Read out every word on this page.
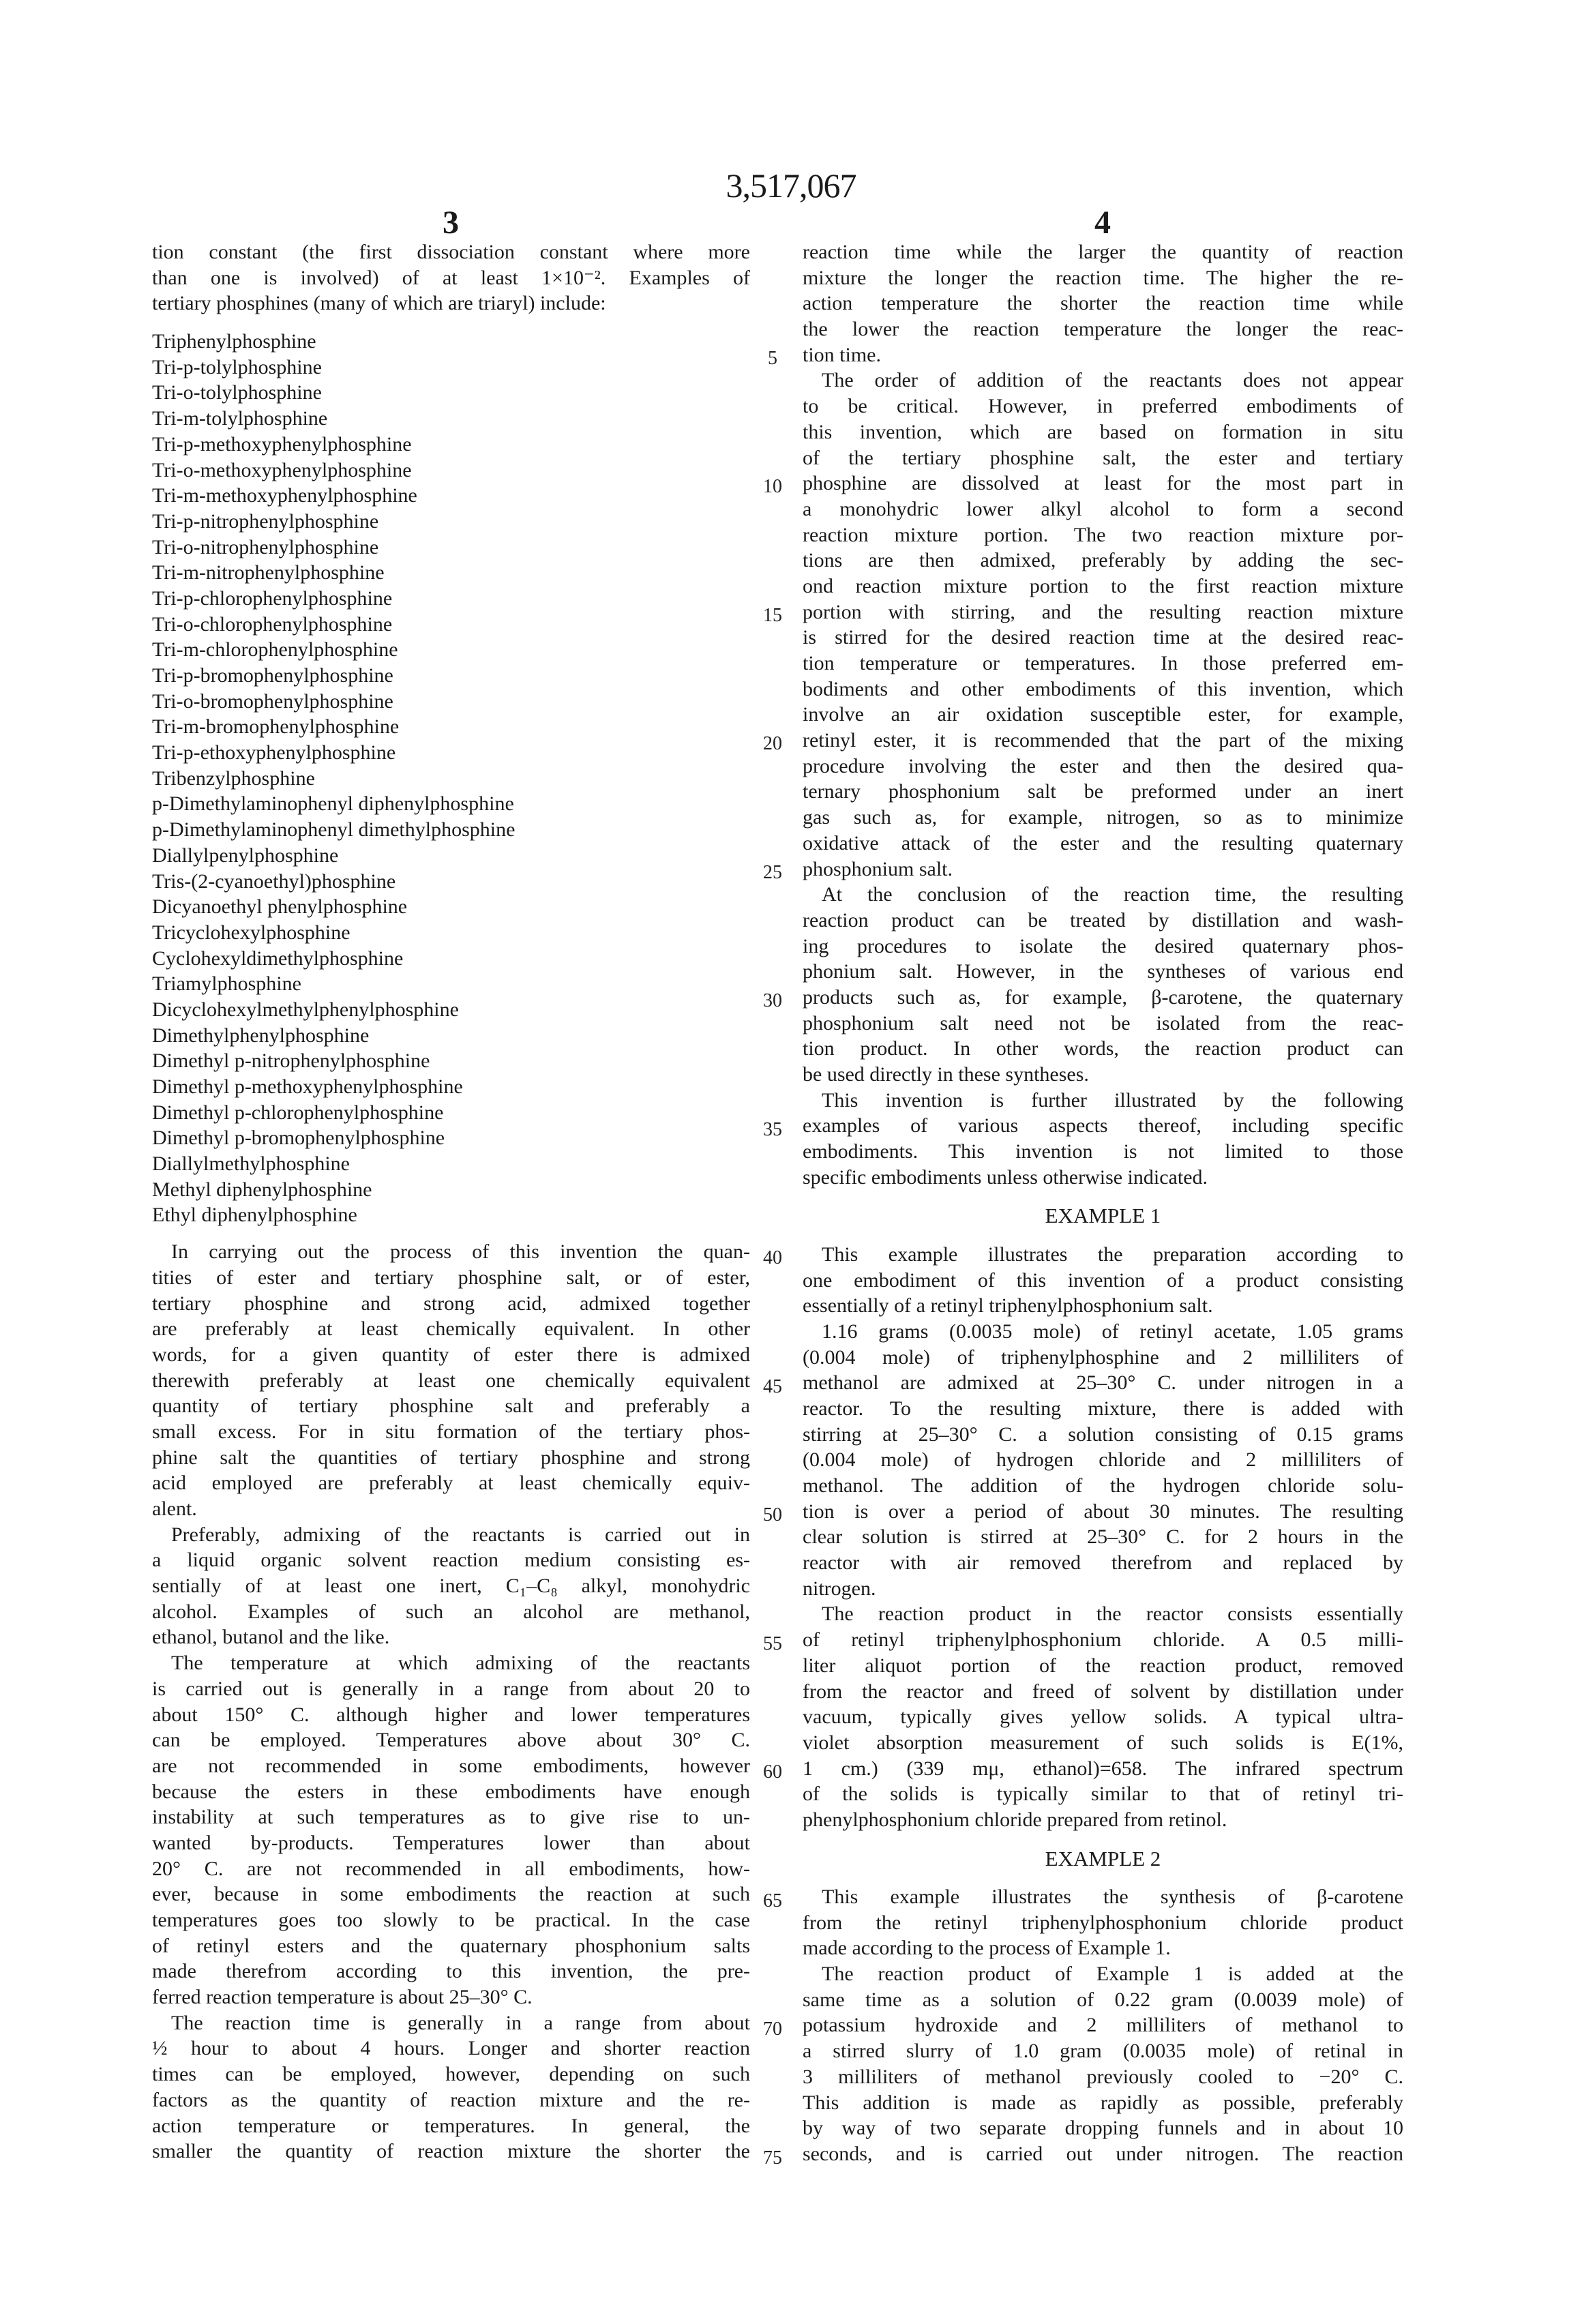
3,517,067
3	4
tion constant (the first dissociation constant where more
than one is involved) of at least 1×10⁻². Examples of
tertiary phosphines (many of which are triaryl) include:
Triphenylphosphine
Tri-p-tolylphosphine
Tri-o-tolylphosphine
Tri-m-tolylphosphine
Tri-p-methoxyphenylphosphine
Tri-o-methoxyphenylphosphine
Tri-m-methoxyphenylphosphine
Tri-p-nitrophenylphosphine
Tri-o-nitrophenylphosphine
Tri-m-nitrophenylphosphine
Tri-p-chlorophenylphosphine
Tri-o-chlorophenylphosphine
Tri-m-chlorophenylphosphine
Tri-p-bromophenylphosphine
Tri-o-bromophenylphosphine
Tri-m-bromophenylphosphine
Tri-p-ethoxyphenylphosphine
Tribenzylphosphine
p-Dimethylaminophenyl diphenylphosphine
p-Dimethylaminophenyl dimethylphosphine
Diallylpenylphosphine
Tris-(2-cyanoethyl)phosphine
Dicyanoethyl phenylphosphine
Tricyclohexylphosphine
Cyclohexyldimethylphosphine
Triamylphosphine
Dicyclohexylmethylphenylphosphine
Dimethylphenylphosphine
Dimethyl p-nitrophenylphosphine
Dimethyl p-methoxyphenylphosphine
Dimethyl p-chlorophenylphosphine
Dimethyl p-bromophenylphosphine
Diallylmethylphosphine
Methyl diphenylphosphine
Ethyl diphenylphosphine
In carrying out the process of this invention the quan-
tities of ester and tertiary phosphine salt, or of ester,
tertiary phosphine and strong acid, admixed together
are preferably at least chemically equivalent. In other
words, for a given quantity of ester there is admixed
therewith preferably at least one chemically equivalent
quantity of tertiary phosphine salt and preferably a
small excess. For in situ formation of the tertiary phos-
phine salt the quantities of tertiary phosphine and strong
acid employed are preferably at least chemically equiv-
alent.
Preferably, admixing of the reactants is carried out in
a liquid organic solvent reaction medium consisting es-
sentially of at least one inert, C₁–C₈ alkyl, monohydric
alcohol. Examples of such an alcohol are methanol,
ethanol, butanol and the like.
The temperature at which admixing of the reactants
is carried out is generally in a range from about 20 to
about 150° C. although higher and lower temperatures
can be employed. Temperatures above about 30° C.
are not recommended in some embodiments, however
because the esters in these embodiments have enough
instability at such temperatures as to give rise to un-
wanted by-products. Temperatures lower than about
20° C. are not recommended in all embodiments, how-
ever, because in some embodiments the reaction at such
temperatures goes too slowly to be practical. In the case
of retinyl esters and the quaternary phosphonium salts
made therefrom according to this invention, the pre-
ferred reaction temperature is about 25–30° C.
The reaction time is generally in a range from about
½ hour to about 4 hours. Longer and shorter reaction
times can be employed, however, depending on such
factors as the quantity of reaction mixture and the re-
action temperature or temperatures. In general, the
smaller the quantity of reaction mixture the shorter the
reaction time while the larger the quantity of reaction
mixture the longer the reaction time. The higher the re-
action temperature the shorter the reaction time while
the lower the reaction temperature the longer the reac-
tion time.
The order of addition of the reactants does not appear
to be critical. However, in preferred embodiments of
this invention, which are based on formation in situ
of the tertiary phosphine salt, the ester and tertiary
phosphine are dissolved at least for the most part in
a monohydric lower alkyl alcohol to form a second
reaction mixture portion. The two reaction mixture por-
tions are then admixed, preferably by adding the sec-
ond reaction mixture portion to the first reaction mixture
portion with stirring, and the resulting reaction mixture
is stirred for the desired reaction time at the desired reac-
tion temperature or temperatures. In those preferred em-
bodiments and other embodiments of this invention, which
involve an air oxidation susceptible ester, for example,
retinyl ester, it is recommended that the part of the mixing
procedure involving the ester and then the desired qua-
ternary phosphonium salt be preformed under an inert
gas such as, for example, nitrogen, so as to minimize
oxidative attack of the ester and the resulting quaternary
phosphonium salt.
At the conclusion of the reaction time, the resulting
reaction product can be treated by distillation and wash-
ing procedures to isolate the desired quaternary phos-
phonium salt. However, in the syntheses of various end
products such as, for example, β-carotene, the quaternary
phosphonium salt need not be isolated from the reac-
tion product. In other words, the reaction product can
be used directly in these syntheses.
This invention is further illustrated by the following
examples of various aspects thereof, including specific
embodiments. This invention is not limited to those
specific embodiments unless otherwise indicated.
EXAMPLE 1
This example illustrates the preparation according to
one embodiment of this invention of a product consisting
essentially of a retinyl triphenylphosphonium salt.
1.16 grams (0.0035 mole) of retinyl acetate, 1.05 grams
(0.004 mole) of triphenylphosphine and 2 milliliters of
methanol are admixed at 25–30° C. under nitrogen in a
reactor. To the resulting mixture, there is added with
stirring at 25–30° C. a solution consisting of 0.15 grams
(0.004 mole) of hydrogen chloride and 2 milliliters of
methanol. The addition of the hydrogen chloride solu-
tion is over a period of about 30 minutes. The resulting
clear solution is stirred at 25–30° C. for 2 hours in the
reactor with air removed therefrom and replaced by
nitrogen.
The reaction product in the reactor consists essentially
of retinyl triphenylphosphonium chloride. A 0.5 milli-
liter aliquot portion of the reaction product, removed
from the reactor and freed of solvent by distillation under
vacuum, typically gives yellow solids. A typical ultra-
violet absorption measurement of such solids is E(1%,
1 cm.) (339 mμ, ethanol)=658. The infrared spectrum
of the solids is typically similar to that of retinyl tri-
phenylphosphonium chloride prepared from retinol.
EXAMPLE 2
This example illustrates the synthesis of β-carotene
from the retinyl triphenylphosphonium chloride product
made according to the process of Example 1.
The reaction product of Example 1 is added at the
same time as a solution of 0.22 gram (0.0039 mole) of
potassium hydroxide and 2 milliliters of methanol to
a stirred slurry of 1.0 gram (0.0035 mole) of retinal in
3 milliliters of methanol previously cooled to −20° C.
This addition is made as rapidly as possible, preferably
by way of two separate dropping funnels and in about 10
seconds, and is carried out under nitrogen. The reaction
5
10
15
20
25
30
35
40
45
50
55
60
65
70
75
